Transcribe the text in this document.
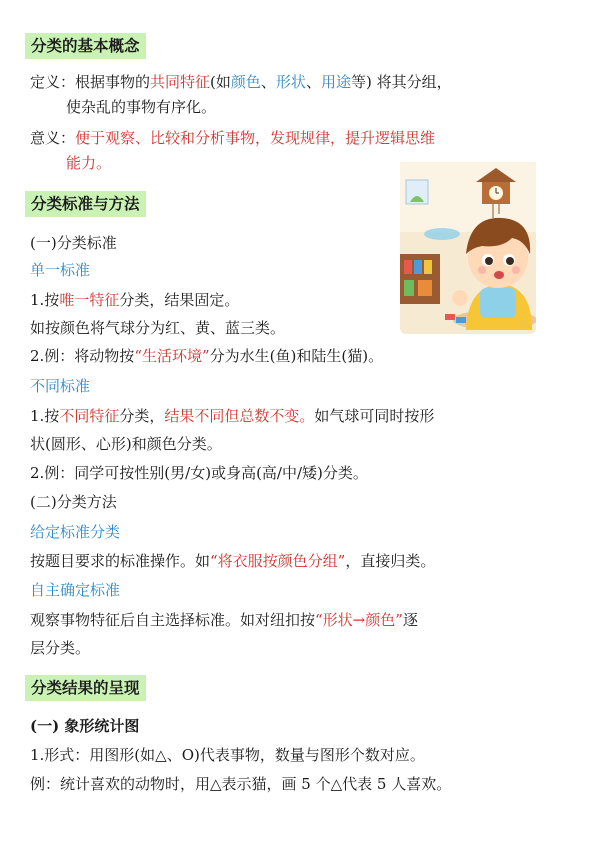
分类的基本概念
定义：根据事物的共同特征(如颜色、形状、用途等) 将其分组，
使杂乱的事物有序化。
意义：便于观察、比较和分析事物，发现规律，提升逻辑思维
能力。
分类标准与方法
(一)分类标准
单一标准
1.按唯一特征分类，结果固定。
如按颜色将气球分为红、黄、蓝三类。
2.例：将动物按“生活环境”分为水生(鱼)和陆生(猫)。
不同标准
1.按不同特征分类，结果不同但总数不变。如气球可同时按形
状(圆形、心形)和颜色分类。
2.例：同学可按性别(男/女)或身高(高/中/矮)分类。
(二)分类方法
给定标准分类
按题目要求的标准操作。如“将衣服按颜色分组”，直接归类。
自主确定标准
观察事物特征后自主选择标准。如对纽扣按“形状→颜色”逐
层分类。
分类结果的呈现
(一) 象形统计图
1.形式：用图形(如△、O)代表事物，数量与图形个数对应。
例：统计喜欢的动物时，用△表示猫，画 5 个△代表 5 人喜欢。
